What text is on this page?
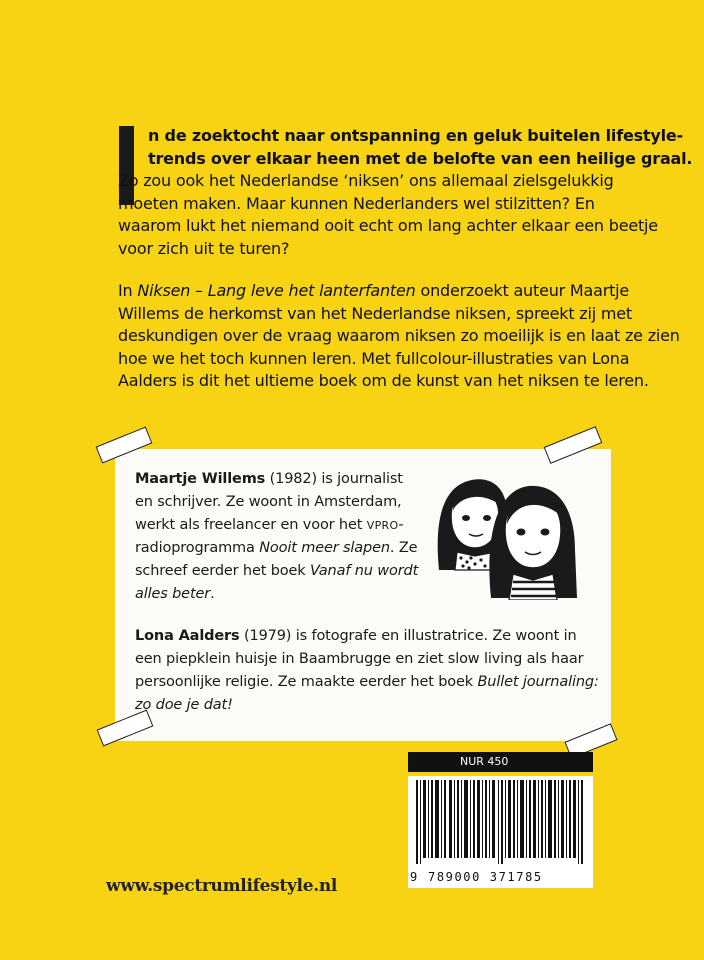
n de zoektocht naar ontspanning en geluk buitelen lifestyle-
trends over elkaar heen met de belofte van een heilige graal.
Zo zou ook het Nederlandse ‘niksen’ ons allemaal zielsgelukkig
moeten maken. Maar kunnen Nederlanders wel stilzitten? En
waarom lukt het niemand ooit echt om lang achter elkaar een beetje
voor zich uit te turen?
In Niksen – Lang leve het lanterfanten onderzoekt auteur Maartje
Willems de herkomst van het Nederlandse niksen, spreekt zij met
deskundigen over de vraag waarom niksen zo moeilijk is en laat ze zien
hoe we het toch kunnen leren. Met fullcolour-illustraties van Lona
Aalders is dit het ultieme boek om de kunst van het niksen te leren.
Maartje Willems (1982) is journalist
en schrijver. Ze woont in Amsterdam,
werkt als freelancer en voor het VPRO-
radioprogramma Nooit meer slapen. Ze
schreef eerder het boek Vanaf nu wordt
alles beter.
Lona Aalders (1979) is fotografe en illustratrice. Ze woont in
een piepklein huisje in Baambrugge en ziet slow living als haar
persoonlijke religie. Ze maakte eerder het boek Bullet journaling:
zo doe je dat!
NUR 450
9 789000 371785
www.spectrumlifestyle.nl
